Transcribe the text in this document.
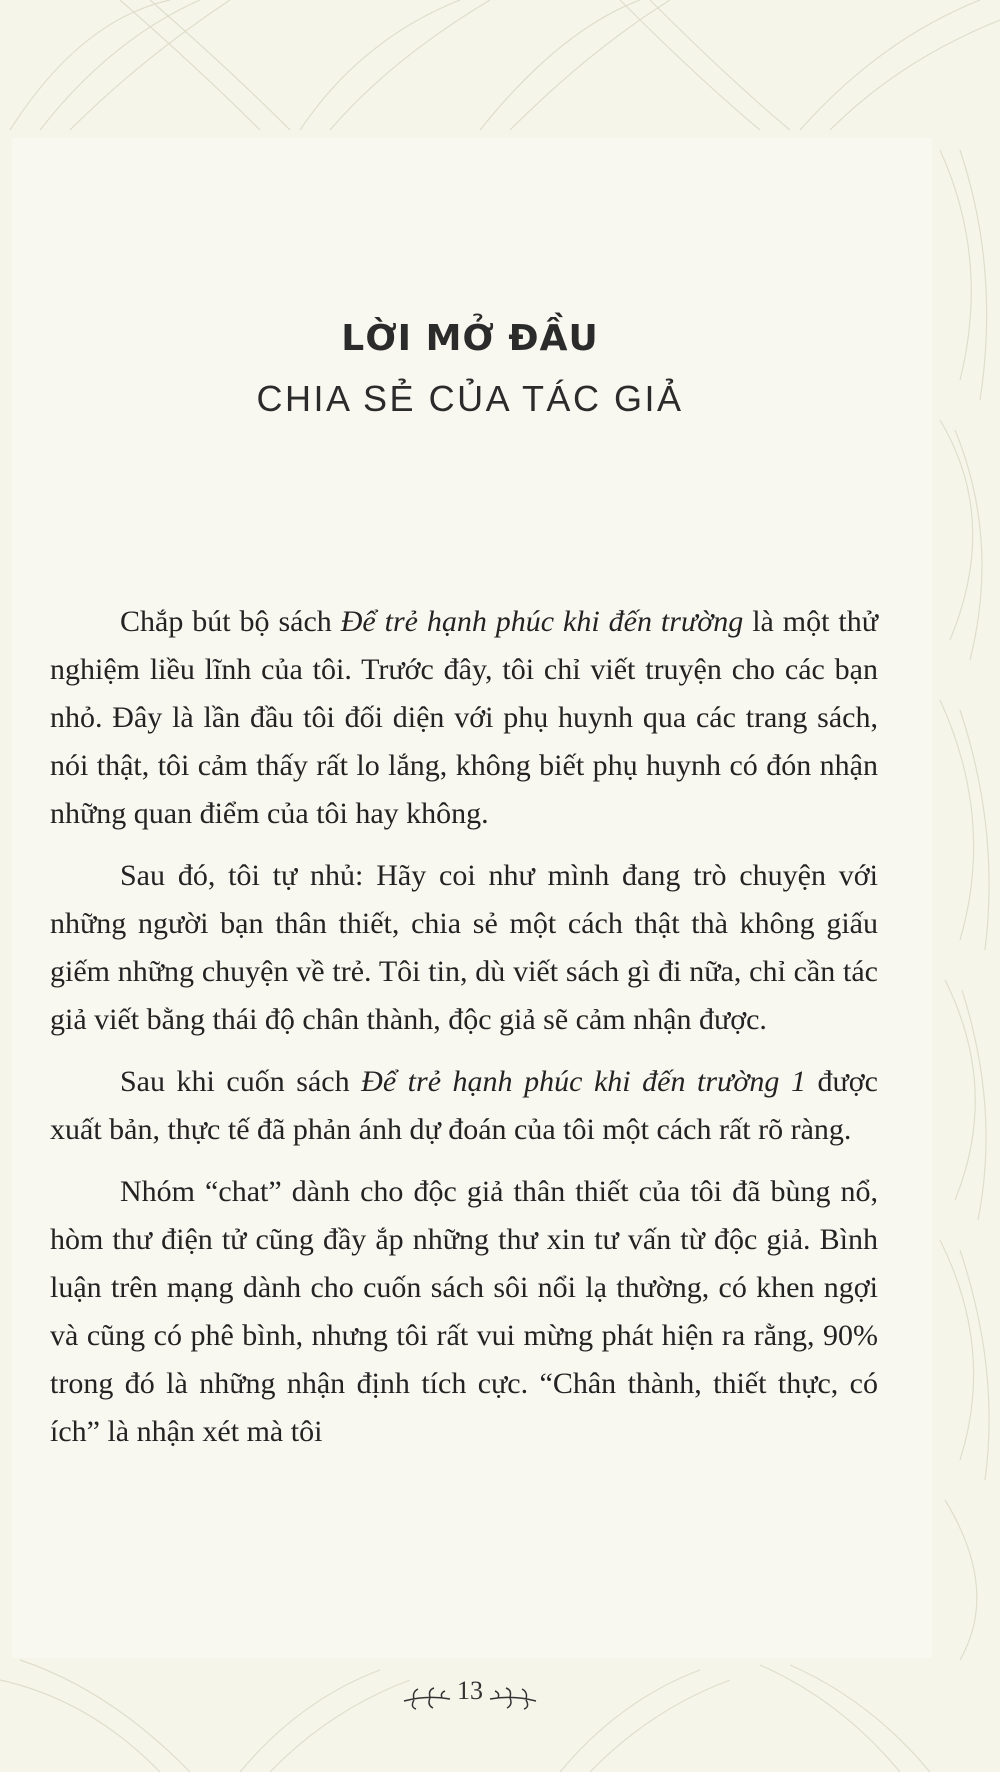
LỜI MỞ ĐẦU
CHIA SẺ CỦA TÁC GIẢ

Chắp bút bộ sách Để trẻ hạnh phúc khi đến trường là một thử nghiệm liều lĩnh của tôi. Trước đây, tôi chỉ viết truyện cho các bạn nhỏ. Đây là lần đầu tôi đối diện với phụ huynh qua các trang sách, nói thật, tôi cảm thấy rất lo lắng, không biết phụ huynh có đón nhận những quan điểm của tôi hay không.

Sau đó, tôi tự nhủ: Hãy coi như mình đang trò chuyện với những người bạn thân thiết, chia sẻ một cách thật thà không giấu giếm những chuyện về trẻ. Tôi tin, dù viết sách gì đi nữa, chỉ cần tác giả viết bằng thái độ chân thành, độc giả sẽ cảm nhận được.

Sau khi cuốn sách Để trẻ hạnh phúc khi đến trường 1 được xuất bản, thực tế đã phản ánh dự đoán của tôi một cách rất rõ ràng.

Nhóm “chat” dành cho độc giả thân thiết của tôi đã bùng nổ, hòm thư điện tử cũng đầy ắp những thư xin tư vấn từ độc giả. Bình luận trên mạng dành cho cuốn sách sôi nổi lạ thường, có khen ngợi và cũng có phê bình, nhưng tôi rất vui mừng phát hiện ra rằng, 90% trong đó là những nhận định tích cực. “Chân thành, thiết thực, có ích” là nhận xét mà tôi

13
